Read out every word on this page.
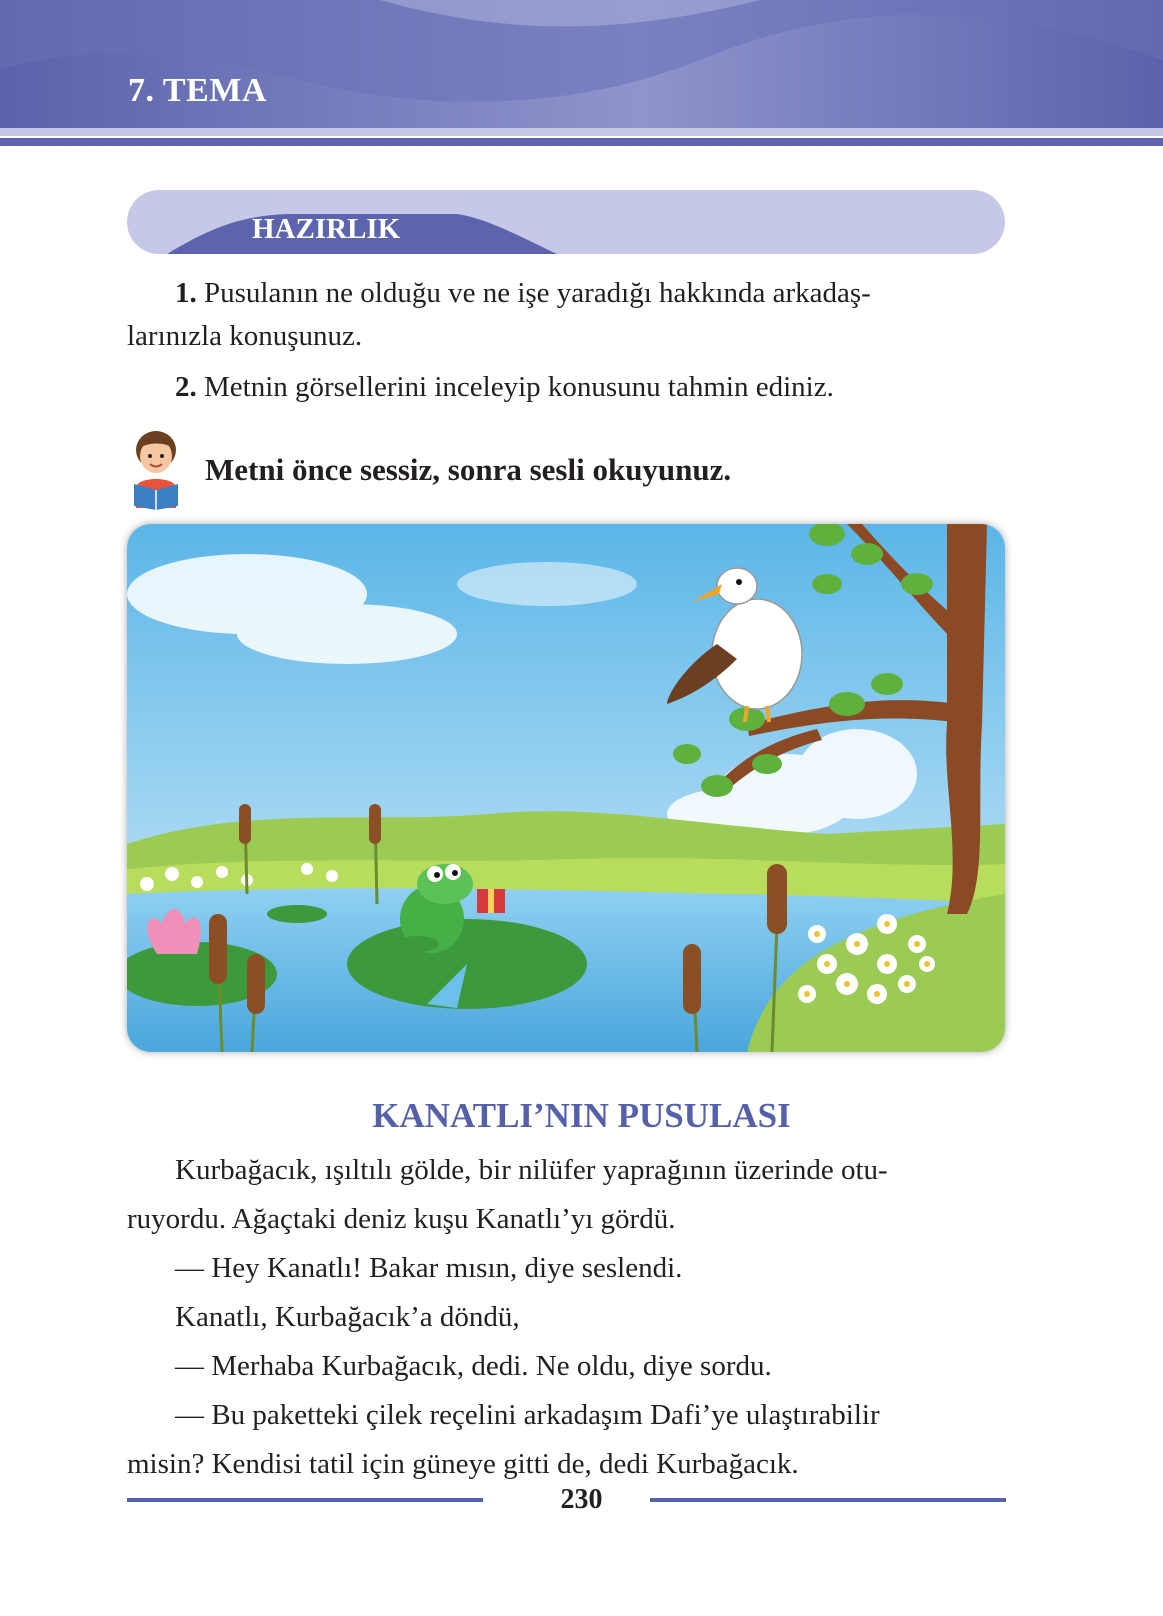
7. TEMA
HAZIRLIK

1. Pusulanın ne olduğu ve ne işe yaradığı hakkında arkadaş-
larınızla konuşunuz.

2. Metnin görsellerini inceleyip konusunu tahmin ediniz.

Metni önce sessiz, sonra sesli okuyunuz.
KANATLI’NIN PUSULASI

Kurbağacık, ışıltılı gölde, bir nilüfer yaprağının üzerinde otu-
ruyordu. Ağaçtaki deniz kuşu Kanatlı’yı gördü.

— Hey Kanatlı! Bakar mısın, diye seslendi.

Kanatlı, Kurbağacık’a döndü,

— Merhaba Kurbağacık, dedi. Ne oldu, diye sordu.

— Bu paketteki çilek reçelini arkadaşım Dafi’ye ulaştırabilir
misin? Kendisi tatil için güneye gitti de, dedi Kurbağacık.

230
